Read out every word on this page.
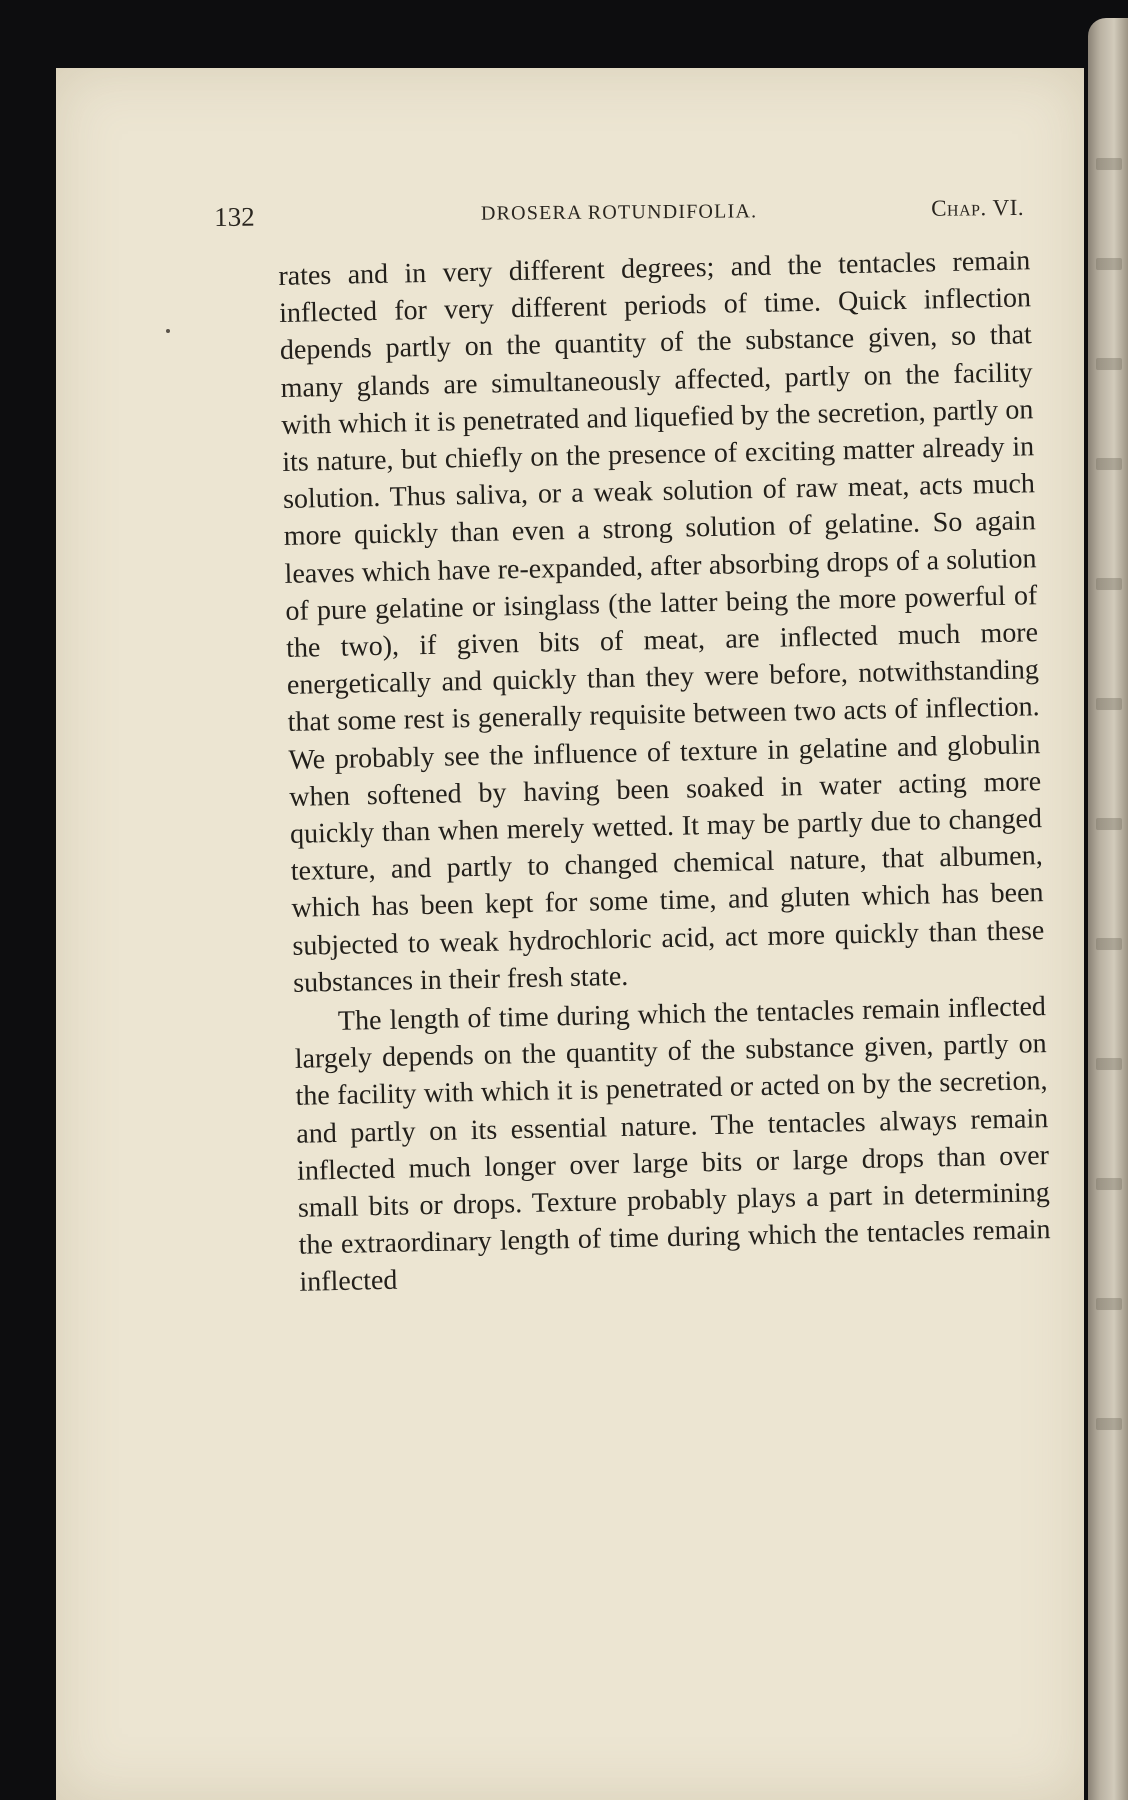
132	DROSERA ROTUNDIFOLIA.	Chap. VI.

rates and in very different degrees; and the tentacles remain inflected for very different periods of time. Quick inflection depends partly on the quantity of the substance given, so that many glands are simultaneously affected, partly on the facility with which it is penetrated and liquefied by the secretion, partly on its nature, but chiefly on the presence of exciting matter already in solution. Thus saliva, or a weak solution of raw meat, acts much more quickly than even a strong solution of gelatine. So again leaves which have re-expanded, after absorbing drops of a solution of pure gelatine or isinglass (the latter being the more powerful of the two), if given bits of meat, are inflected much more energetically and quickly than they were before, notwithstanding that some rest is generally requisite between two acts of inflection. We probably see the influence of texture in gelatine and globulin when softened by having been soaked in water acting more quickly than when merely wetted. It may be partly due to changed texture, and partly to changed chemical nature, that albumen, which has been kept for some time, and gluten which has been subjected to weak hydrochloric acid, act more quickly than these substances in their fresh state.

The length of time during which the tentacles remain inflected largely depends on the quantity of the substance given, partly on the facility with which it is penetrated or acted on by the secretion, and partly on its essential nature. The tentacles always remain inflected much longer over large bits or large drops than over small bits or drops. Texture probably plays a part in determining the extraordinary length of time during which the tentacles remain inflected
